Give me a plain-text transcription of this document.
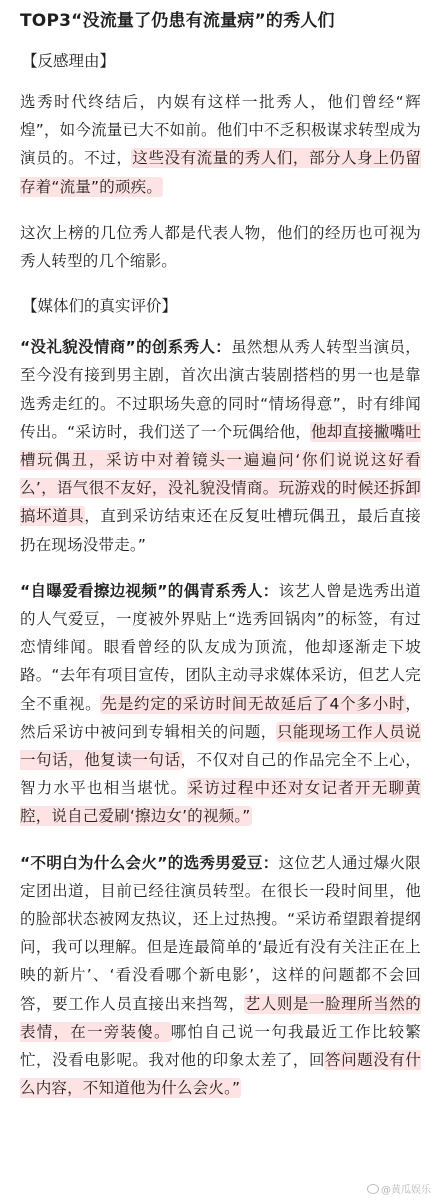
TOP3“没流量了仍患有流量病”的秀人们
【反感理由】

选秀时代终结后，内娱有这样一批秀人，他们曾经“辉煌”，如今流量已大不如前。他们中不乏积极谋求转型成为演员的。不过，这些没有流量的秀人们，部分人身上仍留存着“流量”的顽疾。

这次上榜的几位秀人都是代表人物，他们的经历也可视为秀人转型的几个缩影。

【媒体们的真实评价】

“没礼貌没情商”的创系秀人：虽然想从秀人转型当演员，至今没有接到男主剧，首次出演古装剧搭档的男一也是靠选秀走红的。不过职场失意的同时“情场得意”，时有绯闻传出。“采访时，我们送了一个玩偶给他，他却直接撇嘴吐槽玩偶丑，采访中对着镜头一遍遍问‘你们说说这好看么’，语气很不友好，没礼貌没情商。玩游戏的时候还拆卸搞坏道具，直到采访结束还在反复吐槽玩偶丑，最后直接扔在现场没带走。”

“自曝爱看擦边视频”的偶青系秀人：该艺人曾是选秀出道的人气爱豆，一度被外界贴上“选秀回锅肉”的标签，有过恋情绯闻。眼看曾经的队友成为顶流，他却逐渐走下坡路。“去年有项目宣传，团队主动寻求媒体采访，但艺人完全不重视。先是约定的采访时间无故延后了4个多小时，然后采访中被问到专辑相关的问题，只能现场工作人员说一句话，他复读一句话，不仅对自己的作品完全不上心，智力水平也相当堪忧。采访过程中还对女记者开无聊黄腔，说自己爱刷‘擦边女’的视频。”

“不明白为什么会火”的选秀男爱豆：这位艺人通过爆火限定团出道，目前已经往演员转型。在很长一段时间里，他的脸部状态被网友热议，还上过热搜。“采访希望跟着提纲问，我可以理解。但是连最简单的‘最近有没有关注正在上映的新片’、‘看没看哪个新电影’，这样的问题都不会回答，要工作人员直接出来挡驾，艺人则是一脸理所当然的表情，在一旁装傻。哪怕自己说一句我最近工作比较繁忙，没看电影呢。我对他的印象太差了，回答问题没有什么内容，不知道他为什么会火。”

@黄瓜娱乐
